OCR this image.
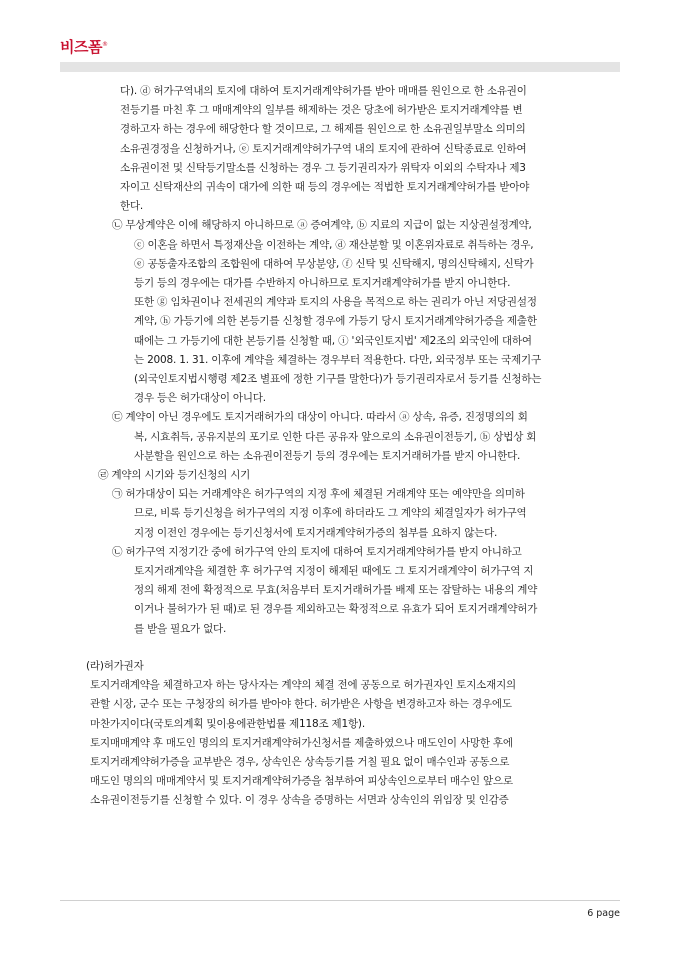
비즈폼®
다). ⓓ 허가구역내의 토지에 대하여 토지거래계약허가를 받아 매매를 원인으로 한 소유권이
전등기를 마친 후 그 매매계약의 일부를 해제하는 것은 당초에 허가받은 토지거래계약를 변
경하고자 하는 경우에 해당한다 할 것이므로, 그 해제를 원인으로 한 소유권일부말소 의미의
소유권경정을 신청하거나, ⓔ 토지거래계약허가구역 내의 토지에 관하여 신탁종료로 인하여
소유권이전 및 신탁등기말소를 신청하는 경우 그 등기권리자가 위탁자 이외의 수탁자나 제3
자이고 신탁재산의 귀속이 대가에 의한 때 등의 경우에는 적법한 토지거래계약허가를 받아야
한다.
㉡ 무상계약은 이에 해당하지 아니하므로 ⓐ 증여계약, ⓑ 지료의 지급이 없는 지상권설정계약,
ⓒ 이혼을 하면서 특정재산을 이전하는 계약, ⓓ 재산분할 및 이혼위자료로 취득하는 경우,
ⓔ 공동출자조합의 조합원에 대하여 무상분양, ⓕ 신탁 및 신탁해지, 명의신탁해지, 신탁가
등기 등의 경우에는 대가를 수반하지 아니하므로 토지거래계약허가를 받지 아니한다.
또한 ⓖ 임차권이나 전세권의 계약과 토지의 사용을 목적으로 하는 권리가 아닌 저당권설정
계약, ⓗ 가등기에 의한 본등기를 신청할 경우에 가등기 당시 토지거래계약허가증을 제출한
때에는 그 가등기에 대한 본등기를 신청할 때, ⓘ '외국인토지법' 제2조의 외국인에 대하여
는 2008. 1. 31. 이후에 계약을 체결하는 경우부터 적용한다. 다만, 외국정부 또는 국제기구
(외국인토지법시행령 제2조 별표에 정한 기구를 말한다)가 등기권리자로서 등기를 신청하는
경우 등은 허가대상이 아니다.
㉢ 계약이 아닌 경우에도 토지거래허가의 대상이 아니다. 따라서 ⓐ 상속, 유증, 진정명의의 회
복, 시효취득, 공유지분의 포기로 인한 다른 공유자 앞으로의 소유권이전등기, ⓑ 상법상 회
사분할을 원인으로 하는 소유권이전등기 등의 경우에는 토지거래허가를 받지 아니한다.
㉣ 계약의 시기와 등기신청의 시기
㉠ 허가대상이 되는 거래계약은 허가구역의 지정 후에 체결된 거래계약 또는 예약만을 의미하
므로, 비록 등기신청을 허가구역의 지정 이후에 하더라도 그 계약의 체결일자가 허가구역
지정 이전인 경우에는 등기신청서에 토지거래계약허가증의 첨부를 요하지 않는다.
㉡ 허가구역 지정기간 중에 허가구역 안의 토지에 대하여 토지거래계약허가를 받지 아니하고
토지거래계약을 체결한 후 허가구역 지정이 해제된 때에도 그 토지거래계약이 허가구역 지
정의 해제 전에 확정적으로 무효(처음부터 토지거래허가를 배제 또는 잠탈하는 내용의 계약
이거나 불허가가 된 때)로 된 경우를 제외하고는 확정적으로 유효가 되어 토지거래계약허가
를 받을 필요가 없다.
(라)허가권자
토지거래계약을 체결하고자 하는 당사자는 계약의 체결 전에 공동으로 허가권자인 토지소재지의
관할 시장, 군수 또는 구청장의 허가를 받아야 한다. 허가받은 사항을 변경하고자 하는 경우에도
마찬가지이다(국토의계획 및이용에관한법률 제118조 제1항).
토지매매계약 후 매도인 명의의 토지거래계약허가신청서를 제출하였으나 매도인이 사망한 후에
토지거래계약허가증을 교부받은 경우, 상속인은 상속등기를 거칠 필요 없이 매수인과 공동으로
매도인 명의의 매매계약서 및 토지거래계약허가증을 첨부하여 피상속인으로부터 매수인 앞으로
소유권이전등기를 신청할 수 있다. 이 경우 상속을 증명하는 서면과 상속인의 위임장 및 인감증
6 page
